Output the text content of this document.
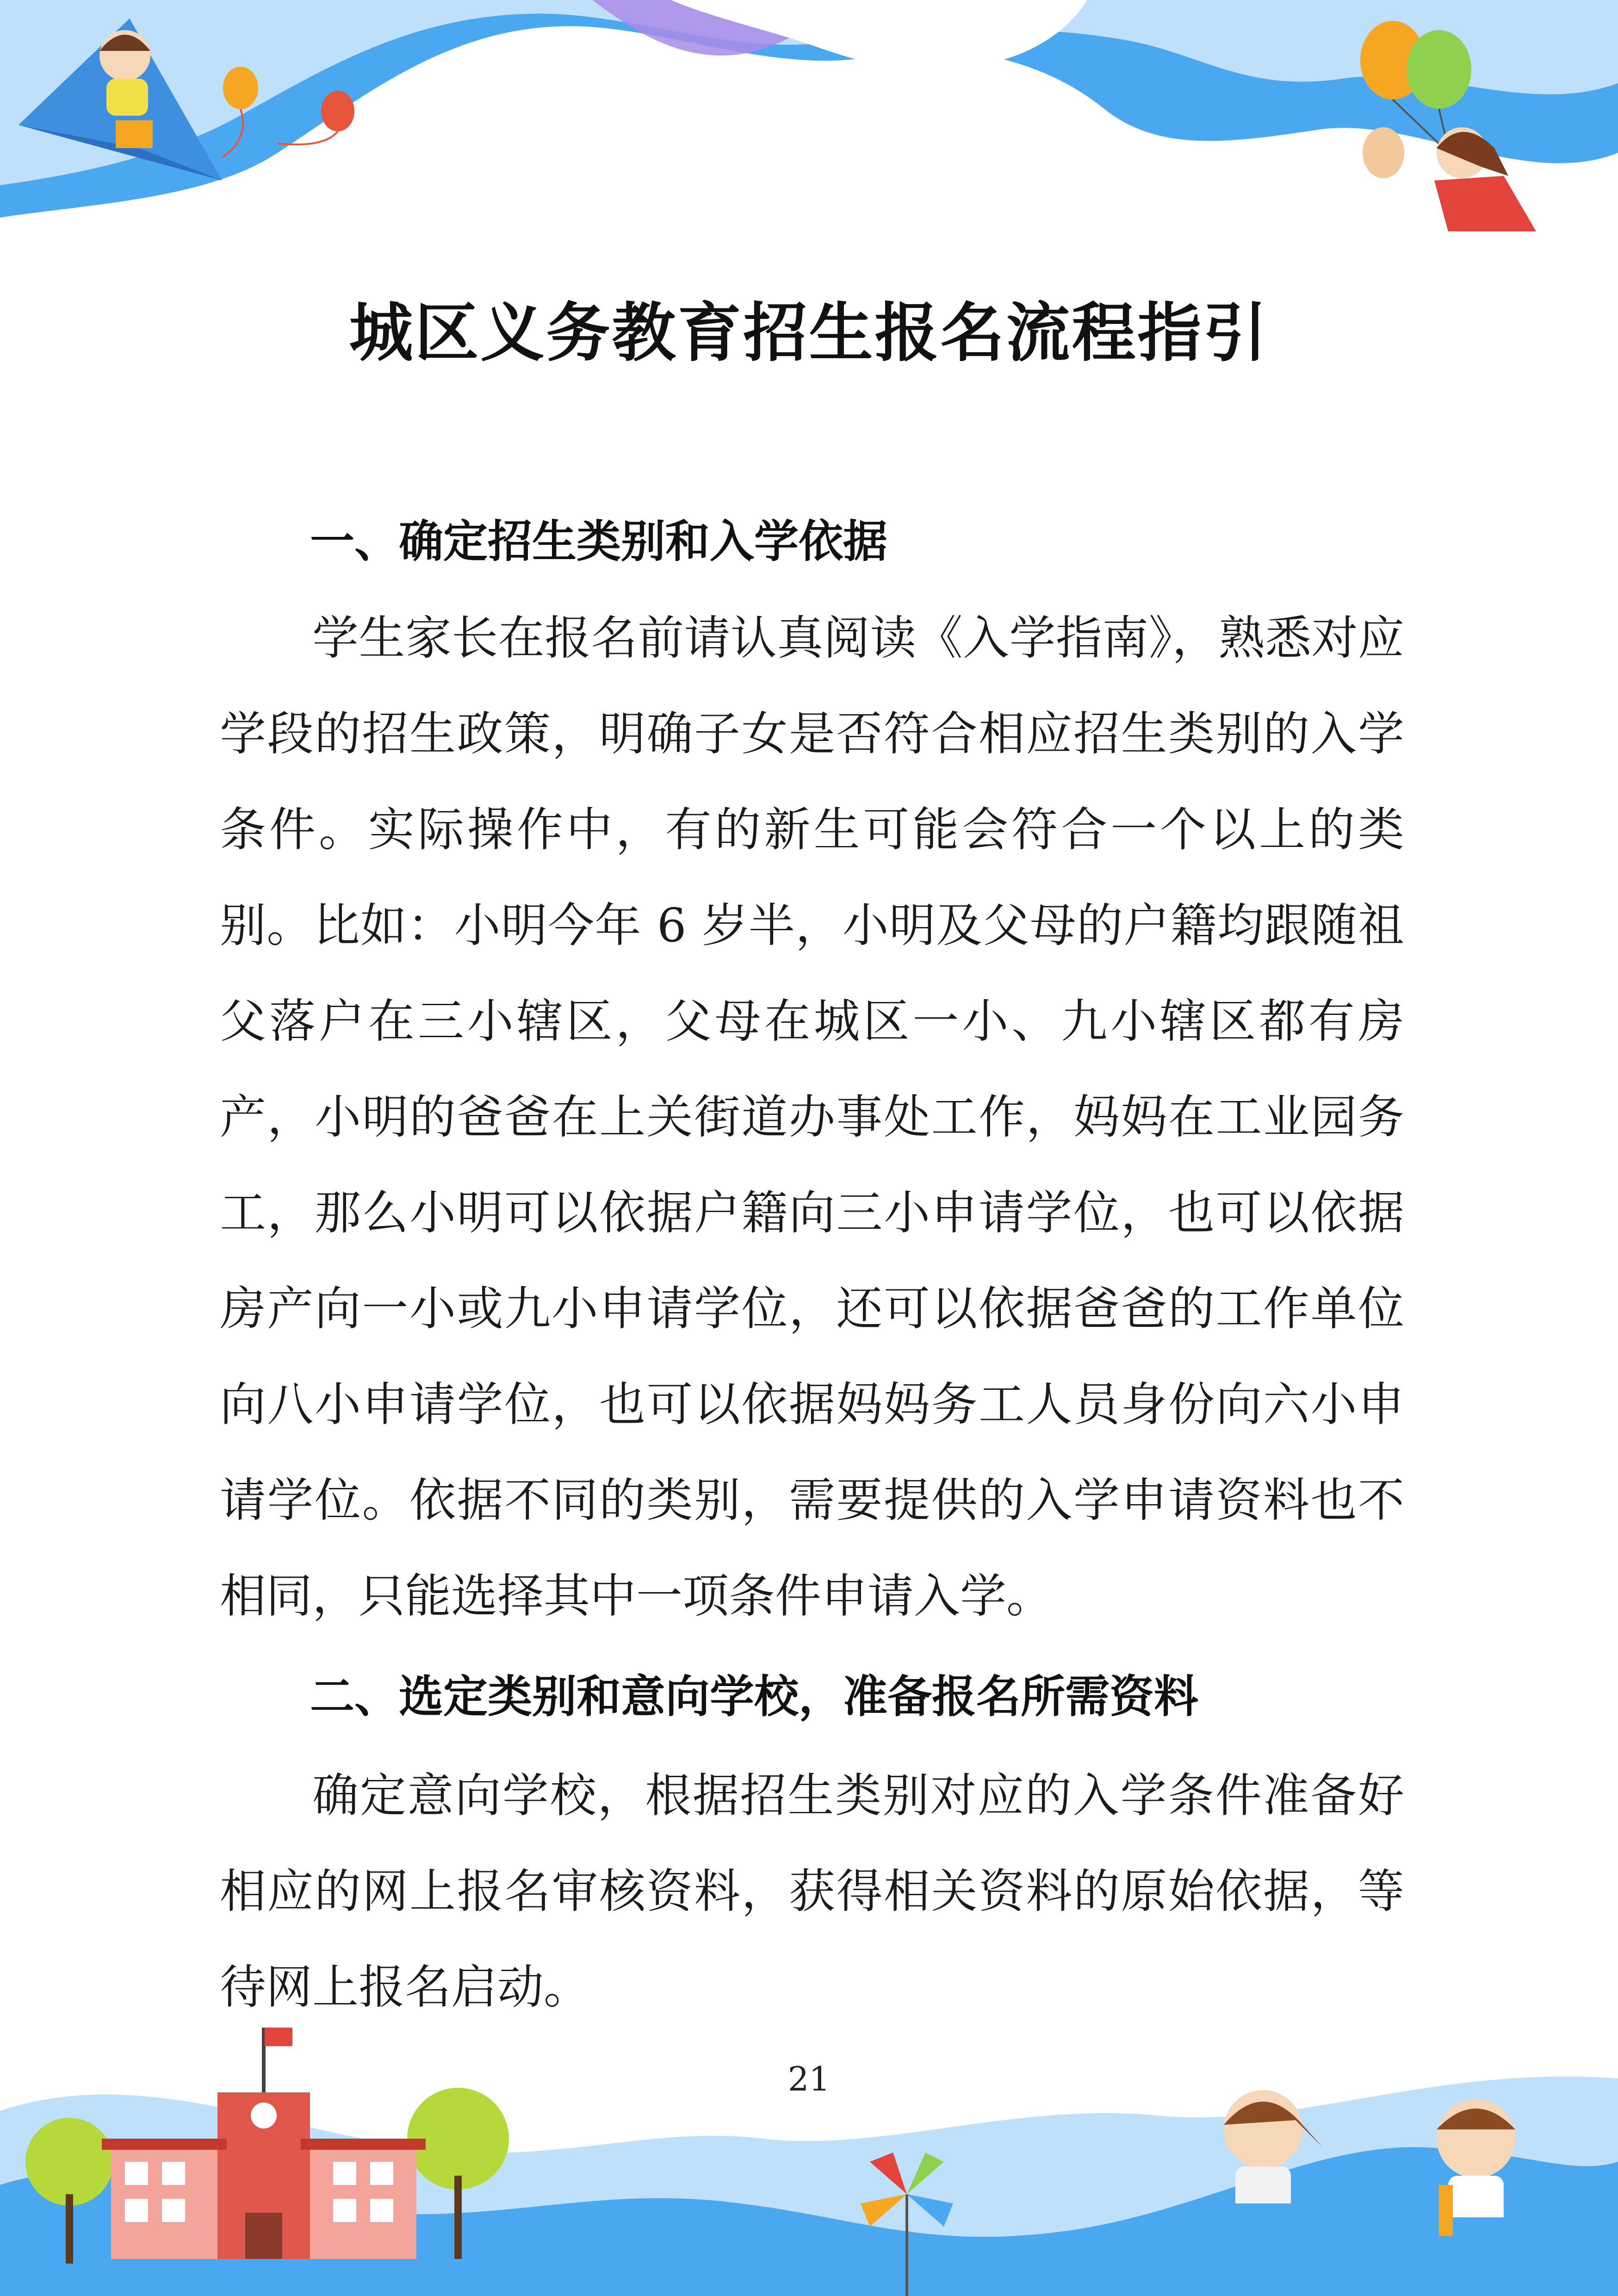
城区义务教育招生报名流程指引
一、确定招生类别和入学依据

学生家长在报名前请认真阅读《入学指南》，熟悉对应学段的招生政策，明确子女是否符合相应招生类别的入学条件。实际操作中，有的新生可能会符合一个以上的类别。比如：小明今年 6 岁半，小明及父母的户籍均跟随祖父落户在三小辖区，父母在城区一小、九小辖区都有房产，小明的爸爸在上关街道办事处工作，妈妈在工业园务工，那么小明可以依据户籍向三小申请学位，也可以依据房产向一小或九小申请学位，还可以依据爸爸的工作单位向八小申请学位，也可以依据妈妈务工人员身份向六小申请学位。依据不同的类别，需要提供的入学申请资料也不相同，只能选择其中一项条件申请入学。

二、选定类别和意向学校，准备报名所需资料

确定意向学校，根据招生类别对应的入学条件准备好相应的网上报名审核资料，获得相关资料的原始依据，等待网上报名启动。

21
